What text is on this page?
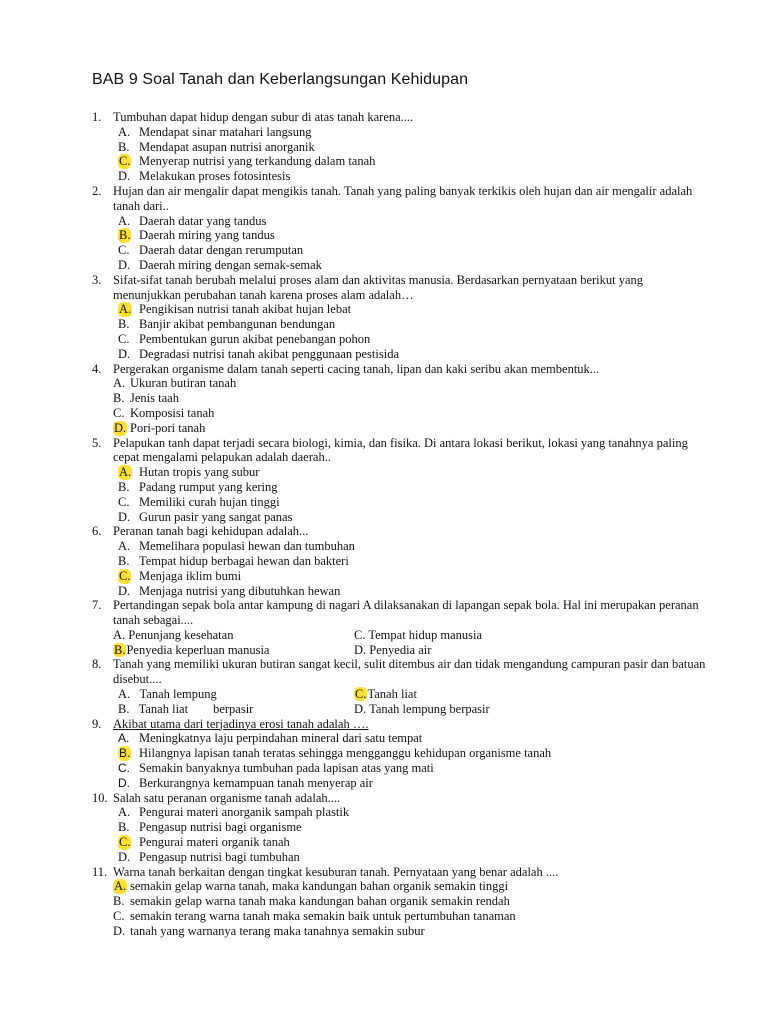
BAB 9 Soal Tanah dan Keberlangsungan Kehidupan
1. Tumbuhan dapat hidup dengan subur di atas tanah karena....
A. Mendapat sinar matahari langsung
B. Mendapat asupan nutrisi anorganik
C. Menyerap nutrisi yang terkandung dalam tanah
D. Melakukan proses fotosintesis
2. Hujan dan air mengalir dapat mengikis tanah. Tanah yang paling banyak terkikis oleh hujan dan air mengalir adalah tanah dari..
A. Daerah datar yang tandus
B. Daerah miring yang tandus
C. Daerah datar dengan rerumputan
D. Daerah miring dengan semak-semak
3. Sifat-sifat tanah berubah melalui proses alam dan aktivitas manusia. Berdasarkan pernyataan berikut yang menunjukkan perubahan tanah karena proses alam adalah…
A. Pengikisan nutrisi tanah akibat hujan lebat
B. Banjir akibat pembangunan bendungan
C. Pembentukan gurun akibat penebangan pohon
D. Degradasi nutrisi tanah akibat penggunaan pestisida
4. Pergerakan organisme dalam tanah seperti cacing tanah, lipan dan kaki seribu akan membentuk...
A. Ukuran butiran tanah
B. Jenis taah
C. Komposisi tanah
D. Pori-pori tanah
5. Pelapukan tanh dapat terjadi secara biologi, kimia, dan fisika. Di antara lokasi berikut, lokasi yang tanahnya paling cepat mengalami pelapukan adalah daerah..
A. Hutan tropis yang subur
B. Padang rumput yang kering
C. Memiliki curah hujan tinggi
D. Gurun pasir yang sangat panas
6. Peranan tanah bagi kehidupan adalah...
A. Memelihara populasi hewan dan tumbuhan
B. Tempat hidup berbagai hewan dan bakteri
C. Menjaga iklim bumi
D. Menjaga nutrisi yang dibutuhkan hewan
7. Pertandingan sepak bola antar kampung di nagari A dilaksanakan di lapangan sepak bola. Hal ini merupakan peranan tanah sebagai....
A. Penunjang kesehatan	C. Tempat hidup manusia
B.Penyedia keperluan manusia	D. Penyedia air
8. Tanah yang memiliki ukuran butiran sangat kecil, sulit ditembus air dan tidak mengandung campuran pasir dan batuan disebut....
A. Tanah lempung	C.Tanah liat
B. Tanah liat        berpasir	D. Tanah lempung berpasir
9. Akibat utama dari terjadinya erosi tanah adalah ….
A. Meningkatnya laju perpindahan mineral dari satu tempat
B. Hilangnya lapisan tanah teratas sehingga mengganggu kehidupan organisme tanah
C. Semakin banyaknya tumbuhan pada lapisan atas yang mati
D. Berkurangnya kemampuan tanah menyerap air
10. Salah satu peranan organisme tanah adalah....
A. Pengurai materi anorganik sampah plastik
B. Pengasup nutrisi bagi organisme
C. Pengurai materi organik tanah
D. Pengasup nutrisi bagi tumbuhan
11. Warna tanah berkaitan dengan tingkat kesuburan tanah. Pernyataan yang benar adalah ....
A. semakin gelap warna tanah, maka kandungan bahan organik semakin tinggi
B. semakin gelap warna tanah maka kandungan bahan organik semakin rendah
C. semakin terang warna tanah maka semakin baik untuk pertumbuhan tanaman
D. tanah yang warnanya terang maka tanahnya semakin subur
